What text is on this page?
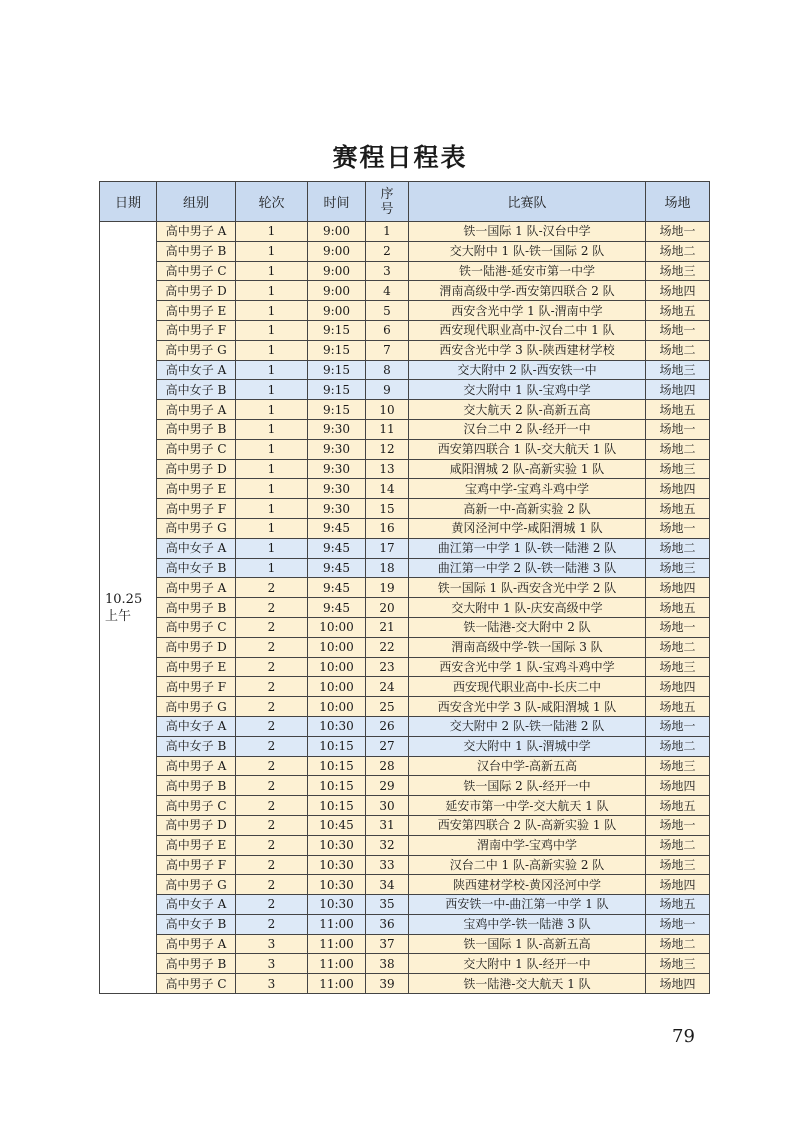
赛程日程表
日期	组别	轮次	时间	序号	比赛队	场地

10.25
上午	高中男子 A	1	9:00	1	铁一国际 1 队-汉台中学	场地一
	高中男子 B	1	9:00	2	交大附中 1 队-铁一国际 2 队	场地二
	高中男子 C	1	9:00	3	铁一陆港-延安市第一中学	场地三
	高中男子 D	1	9:00	4	渭南高级中学-西安第四联合 2 队	场地四
	高中男子 E	1	9:00	5	西安含光中学 1 队-渭南中学	场地五
	高中男子 F	1	9:15	6	西安现代职业高中-汉台二中 1 队	场地一
	高中男子 G	1	9:15	7	西安含光中学 3 队-陕西建材学校	场地二
	高中女子 A	1	9:15	8	交大附中 2 队-西安铁一中	场地三
	高中女子 B	1	9:15	9	交大附中 1 队-宝鸡中学	场地四
	高中男子 A	1	9:15	10	交大航天 2 队-高新五高	场地五
	高中男子 B	1	9:30	11	汉台二中 2 队-经开一中	场地一
	高中男子 C	1	9:30	12	西安第四联合 1 队-交大航天 1 队	场地二
	高中男子 D	1	9:30	13	咸阳渭城 2 队-高新实验 1 队	场地三
	高中男子 E	1	9:30	14	宝鸡中学-宝鸡斗鸡中学	场地四
	高中男子 F	1	9:30	15	高新一中-高新实验 2 队	场地五
	高中男子 G	1	9:45	16	黄冈泾河中学-咸阳渭城 1 队	场地一
	高中女子 A	1	9:45	17	曲江第一中学 1 队-铁一陆港 2 队	场地二
	高中女子 B	1	9:45	18	曲江第一中学 2 队-铁一陆港 3 队	场地三
	高中男子 A	2	9:45	19	铁一国际 1 队-西安含光中学 2 队	场地四
	高中男子 B	2	9:45	20	交大附中 1 队-庆安高级中学	场地五
	高中男子 C	2	10:00	21	铁一陆港-交大附中 2 队	场地一
	高中男子 D	2	10:00	22	渭南高级中学-铁一国际 3 队	场地二
	高中男子 E	2	10:00	23	西安含光中学 1 队-宝鸡斗鸡中学	场地三
	高中男子 F	2	10:00	24	西安现代职业高中-长庆二中	场地四
	高中男子 G	2	10:00	25	西安含光中学 3 队-咸阳渭城 1 队	场地五
	高中女子 A	2	10:30	26	交大附中 2 队-铁一陆港 2 队	场地一
	高中女子 B	2	10:15	27	交大附中 1 队-渭城中学	场地二
	高中男子 A	2	10:15	28	汉台中学-高新五高	场地三
	高中男子 B	2	10:15	29	铁一国际 2 队-经开一中	场地四
	高中男子 C	2	10:15	30	延安市第一中学-交大航天 1 队	场地五
	高中男子 D	2	10:45	31	西安第四联合 2 队-高新实验 1 队	场地一
	高中男子 E	2	10:30	32	渭南中学-宝鸡中学	场地二
	高中男子 F	2	10:30	33	汉台二中 1 队-高新实验 2 队	场地三
	高中男子 G	2	10:30	34	陕西建材学校-黄冈泾河中学	场地四
	高中女子 A	2	10:30	35	西安铁一中-曲江第一中学 1 队	场地五
	高中女子 B	2	11:00	36	宝鸡中学-铁一陆港 3 队	场地一
	高中男子 A	3	11:00	37	铁一国际 1 队-高新五高	场地二
	高中男子 B	3	11:00	38	交大附中 1 队-经开一中	场地三
	高中男子 C	3	11:00	39	铁一陆港-交大航天 1 队	场地四
79
